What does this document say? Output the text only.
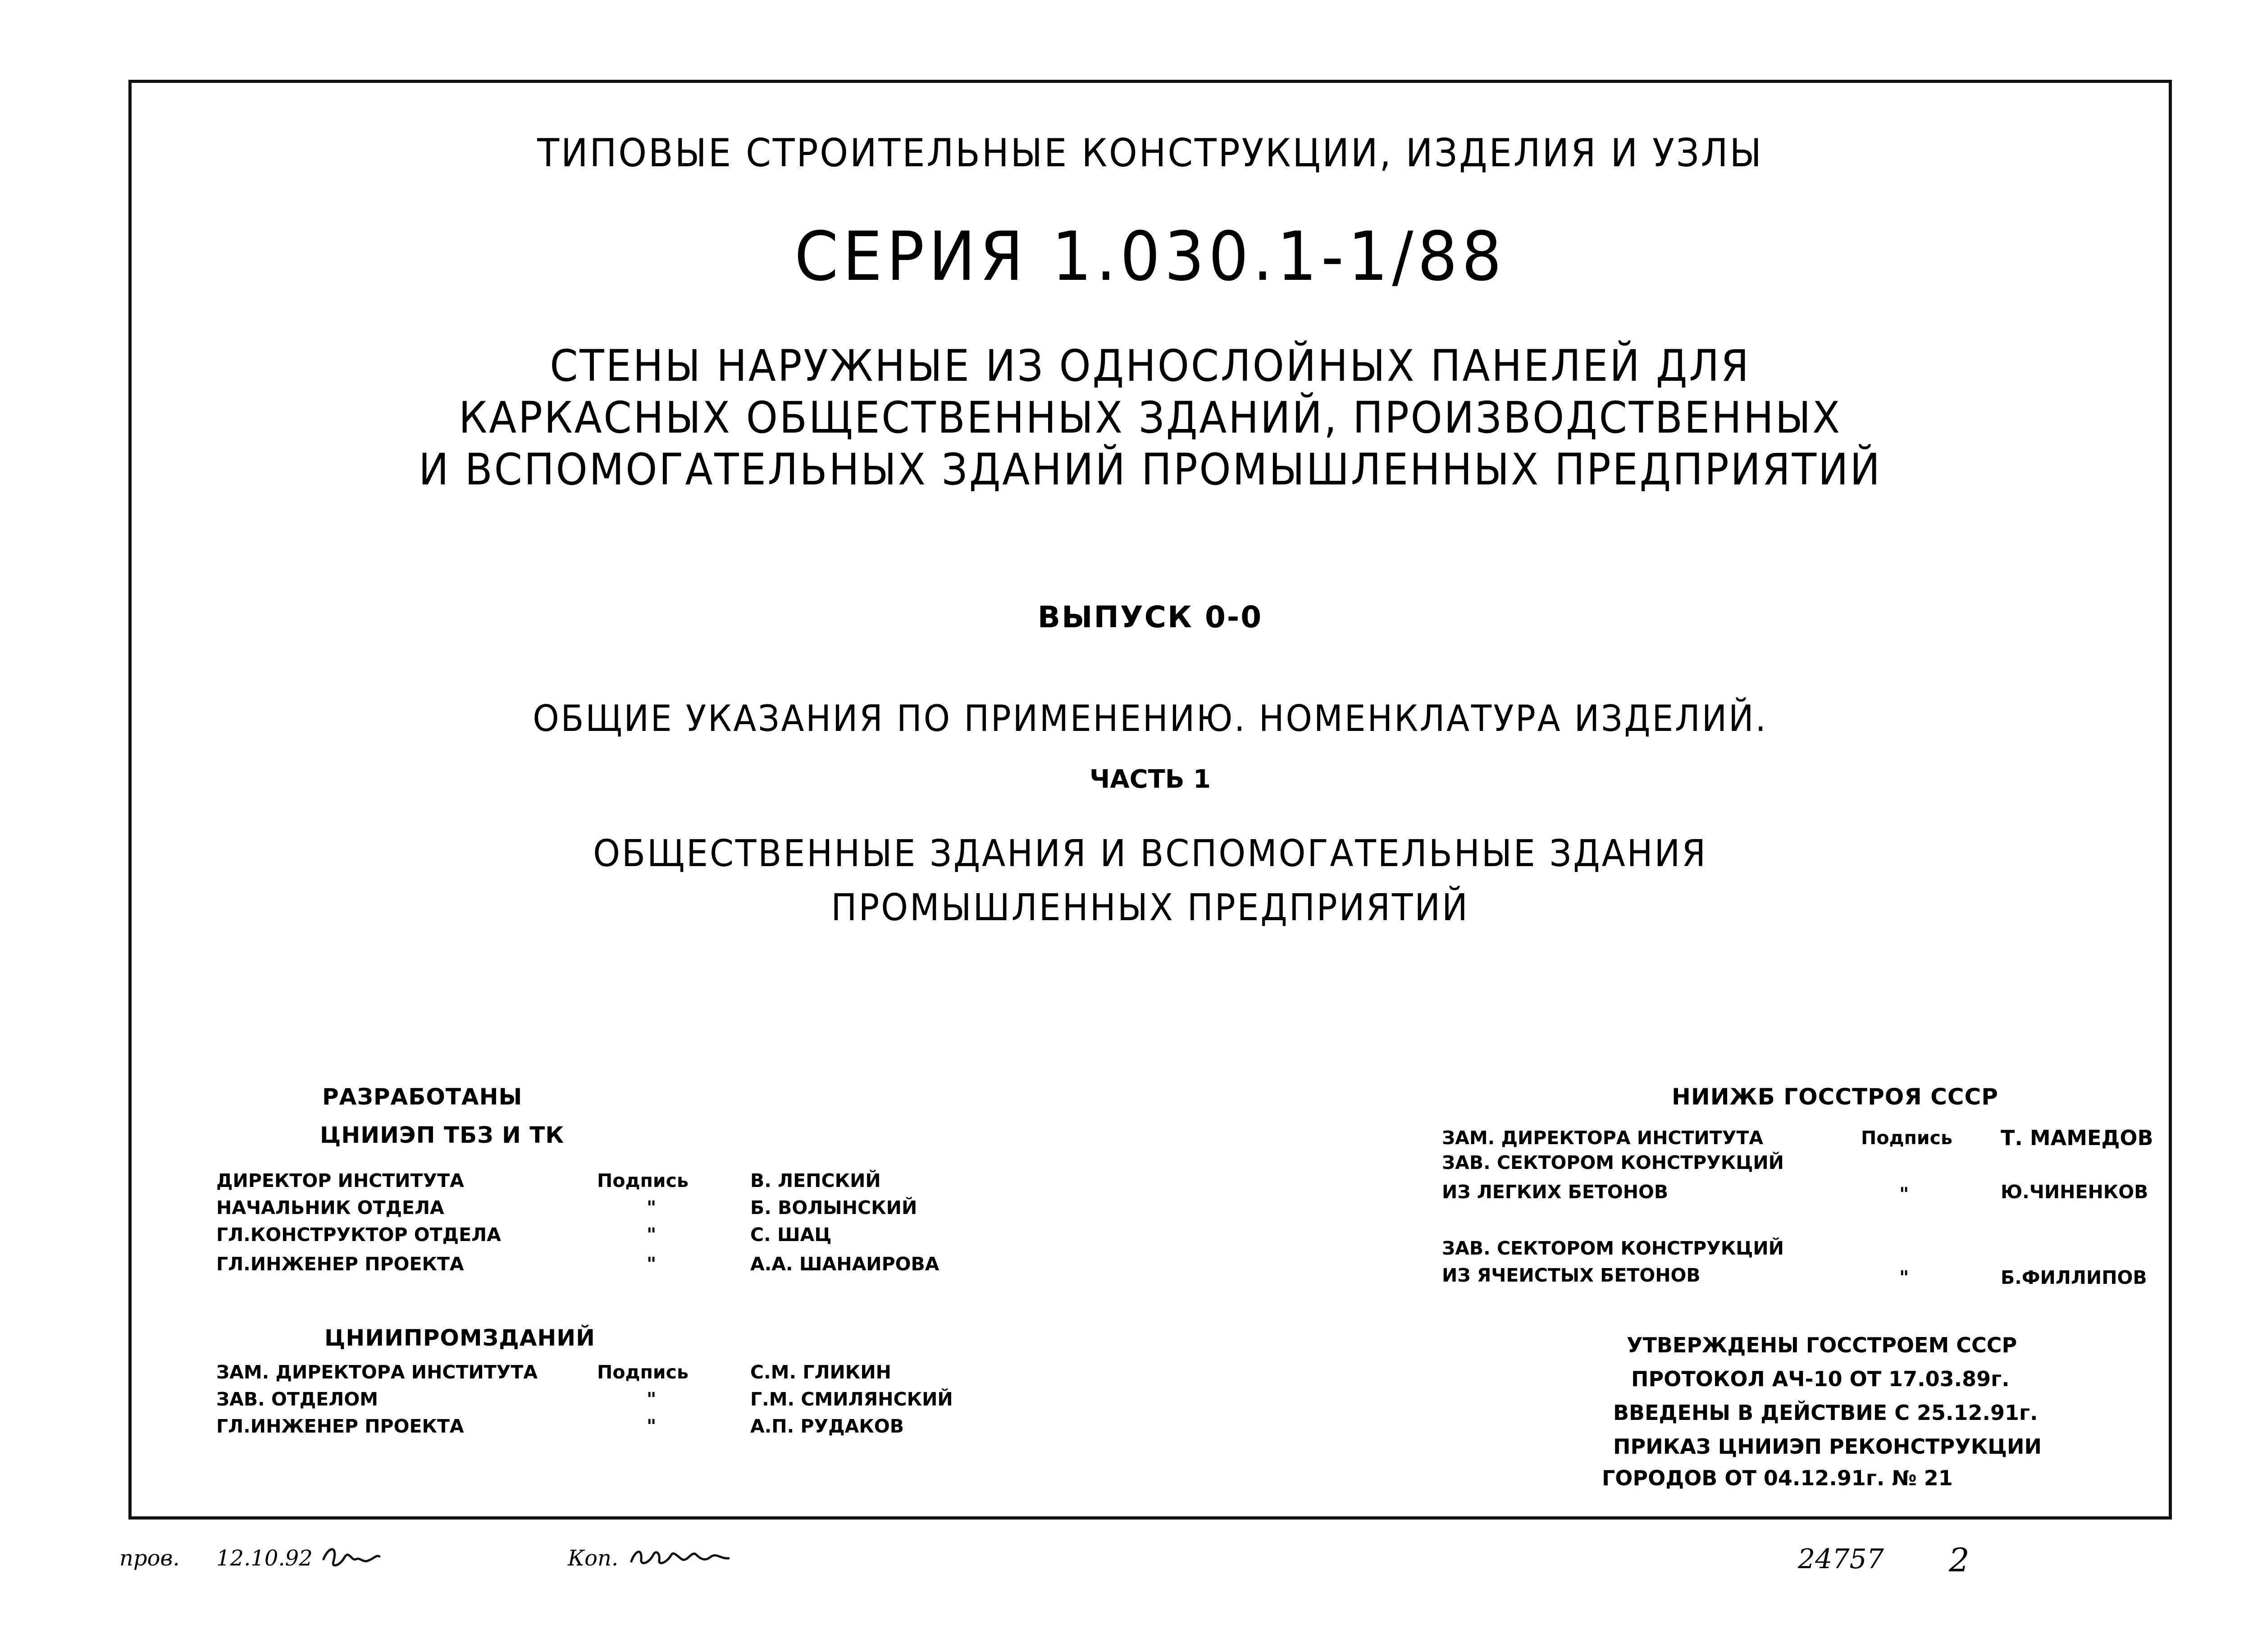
ТИПОВЫЕ СТРОИТЕЛЬНЫЕ КОНСТРУКЦИИ, ИЗДЕЛИЯ И УЗЛЫ
СЕРИЯ 1.030.1-1/88
СТЕНЫ НАРУЖНЫЕ ИЗ ОДНОСЛОЙНЫХ ПАНЕЛЕЙ ДЛЯ
КАРКАСНЫХ ОБЩЕСТВЕННЫХ ЗДАНИЙ, ПРОИЗВОДСТВЕННЫХ
И ВСПОМОГАТЕЛЬНЫХ ЗДАНИЙ ПРОМЫШЛЕННЫХ ПРЕДПРИЯТИЙ
ВЫПУСК 0-0
ОБЩИЕ УКАЗАНИЯ ПО ПРИМЕНЕНИЮ. НОМЕНКЛАТУРА ИЗДЕЛИЙ.
ЧАСТЬ 1
ОБЩЕСТВЕННЫЕ ЗДАНИЯ И ВСПОМОГАТЕЛЬНЫЕ ЗДАНИЯ
ПРОМЫШЛЕННЫХ ПРЕДПРИЯТИЙ
РАЗРАБОТАНЫ
ЦНИИЭП ТБЗ И ТК
ДИРЕКТОР ИНСТИТУТА	Подпись	В. ЛЕПСКИЙ
НАЧАЛЬНИК ОТДЕЛА	"	Б. ВОЛЫНСКИЙ
ГЛ.КОНСТРУКТОР ОТДЕЛА	"	С. ШАЦ
ГЛ.ИНЖЕНЕР ПРОЕКТА	"	А.А. ШАНАИРОВА
ЦНИИПРОМЗДАНИЙ
ЗАМ. ДИРЕКТОРА ИНСТИТУТА	Подпись	С.М. ГЛИКИН
ЗАВ. ОТДЕЛОМ	"	Г.М. СМИЛЯНСКИЙ
ГЛ.ИНЖЕНЕР ПРОЕКТА	"	А.П. РУДАКОВ
НИИЖБ ГОССТРОЯ СССР
ЗАМ. ДИРЕКТОРА ИНСТИТУТА	Подпись Т. МАМЕДОВ
ЗАВ. СЕКТОРОМ КОНСТРУКЦИЙ
ИЗ ЛЕГКИХ БЕТОНОВ	"	Ю.ЧИНЕНКОВ
ЗАВ. СЕКТОРОМ КОНСТРУКЦИЙ
ИЗ ЯЧЕИСТЫХ БЕТОНОВ	"	Б.ФИЛЛИПОВ
УТВЕРЖДЕНЫ ГОССТРОЕМ СССР
ПРОТОКОЛ АЧ-10 ОТ 17.03.89г.
ВВЕДЕНЫ В ДЕЙСТВИЕ С 25.12.91г.
ПРИКАЗ ЦНИИЭП РЕКОНСТРУКЦИИ
ГОРОДОВ ОТ 04.12.91г. № 21
пров. 12.10.92	Коп.	24757 2
